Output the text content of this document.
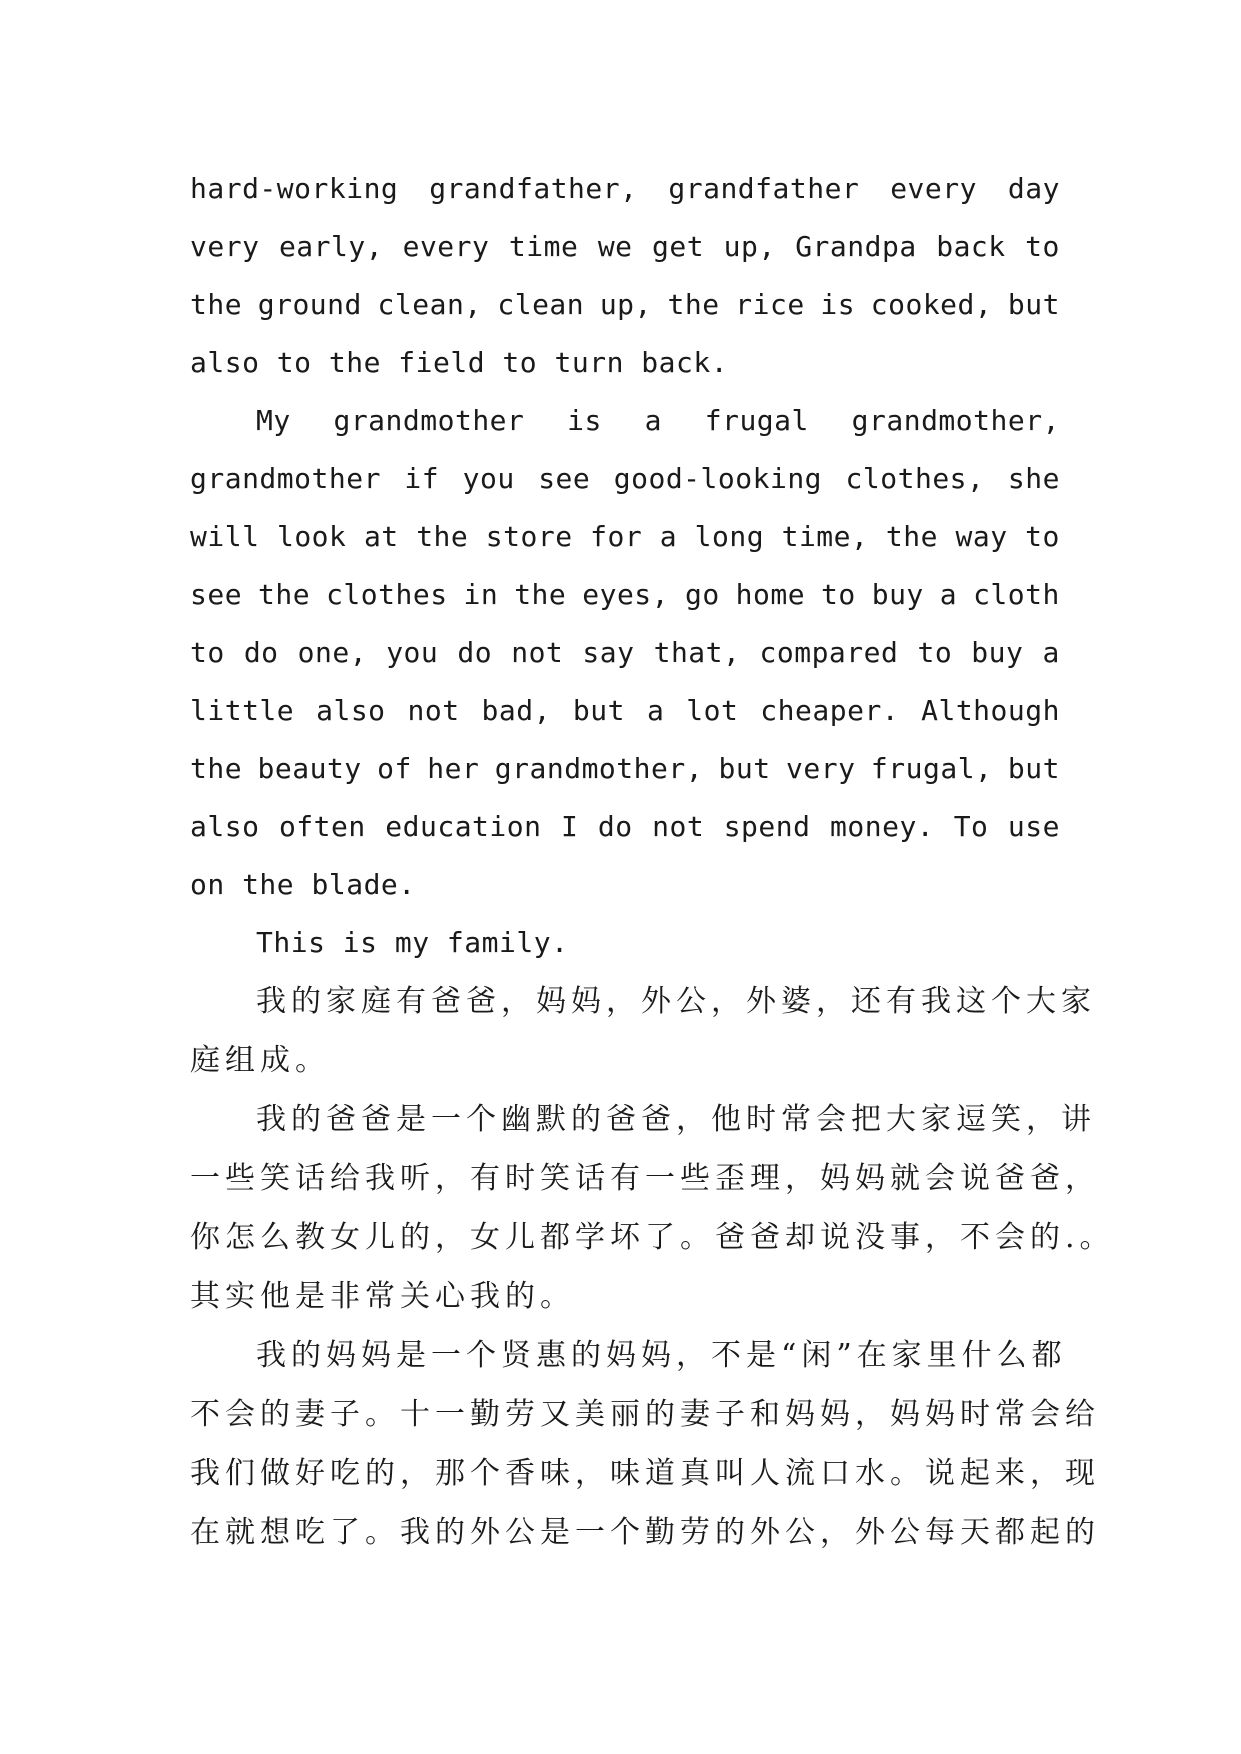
hard-working grandfather, grandfather every day
very early, every time we get up, Grandpa back to
the ground clean, clean up, the rice is cooked, but
also to the field to turn back.
My grandmother is a frugal grandmother,
grandmother if you see good-looking clothes, she
will look at the store for a long time, the way to
see the clothes in the eyes, go home to buy a cloth
to do one, you do not say that, compared to buy a
little also not bad, but a lot cheaper. Although
the beauty of her grandmother, but very frugal, but
also often education I do not spend money. To use
on the blade.
This is my family.
我的家庭有爸爸，妈妈，外公，外婆，还有我这个大家
庭组成。
我的爸爸是一个幽默的爸爸，他时常会把大家逗笑，讲
一些笑话给我听，有时笑话有一些歪理，妈妈就会说爸爸，
你怎么教女儿的，女儿都学坏了。爸爸却说没事，不会的.。
其实他是非常关心我的。
我的妈妈是一个贤惠的妈妈，不是“闲”在家里什么都
不会的妻子。十一勤劳又美丽的妻子和妈妈，妈妈时常会给
我们做好吃的，那个香味，味道真叫人流口水。说起来，现
在就想吃了。我的外公是一个勤劳的外公，外公每天都起的
